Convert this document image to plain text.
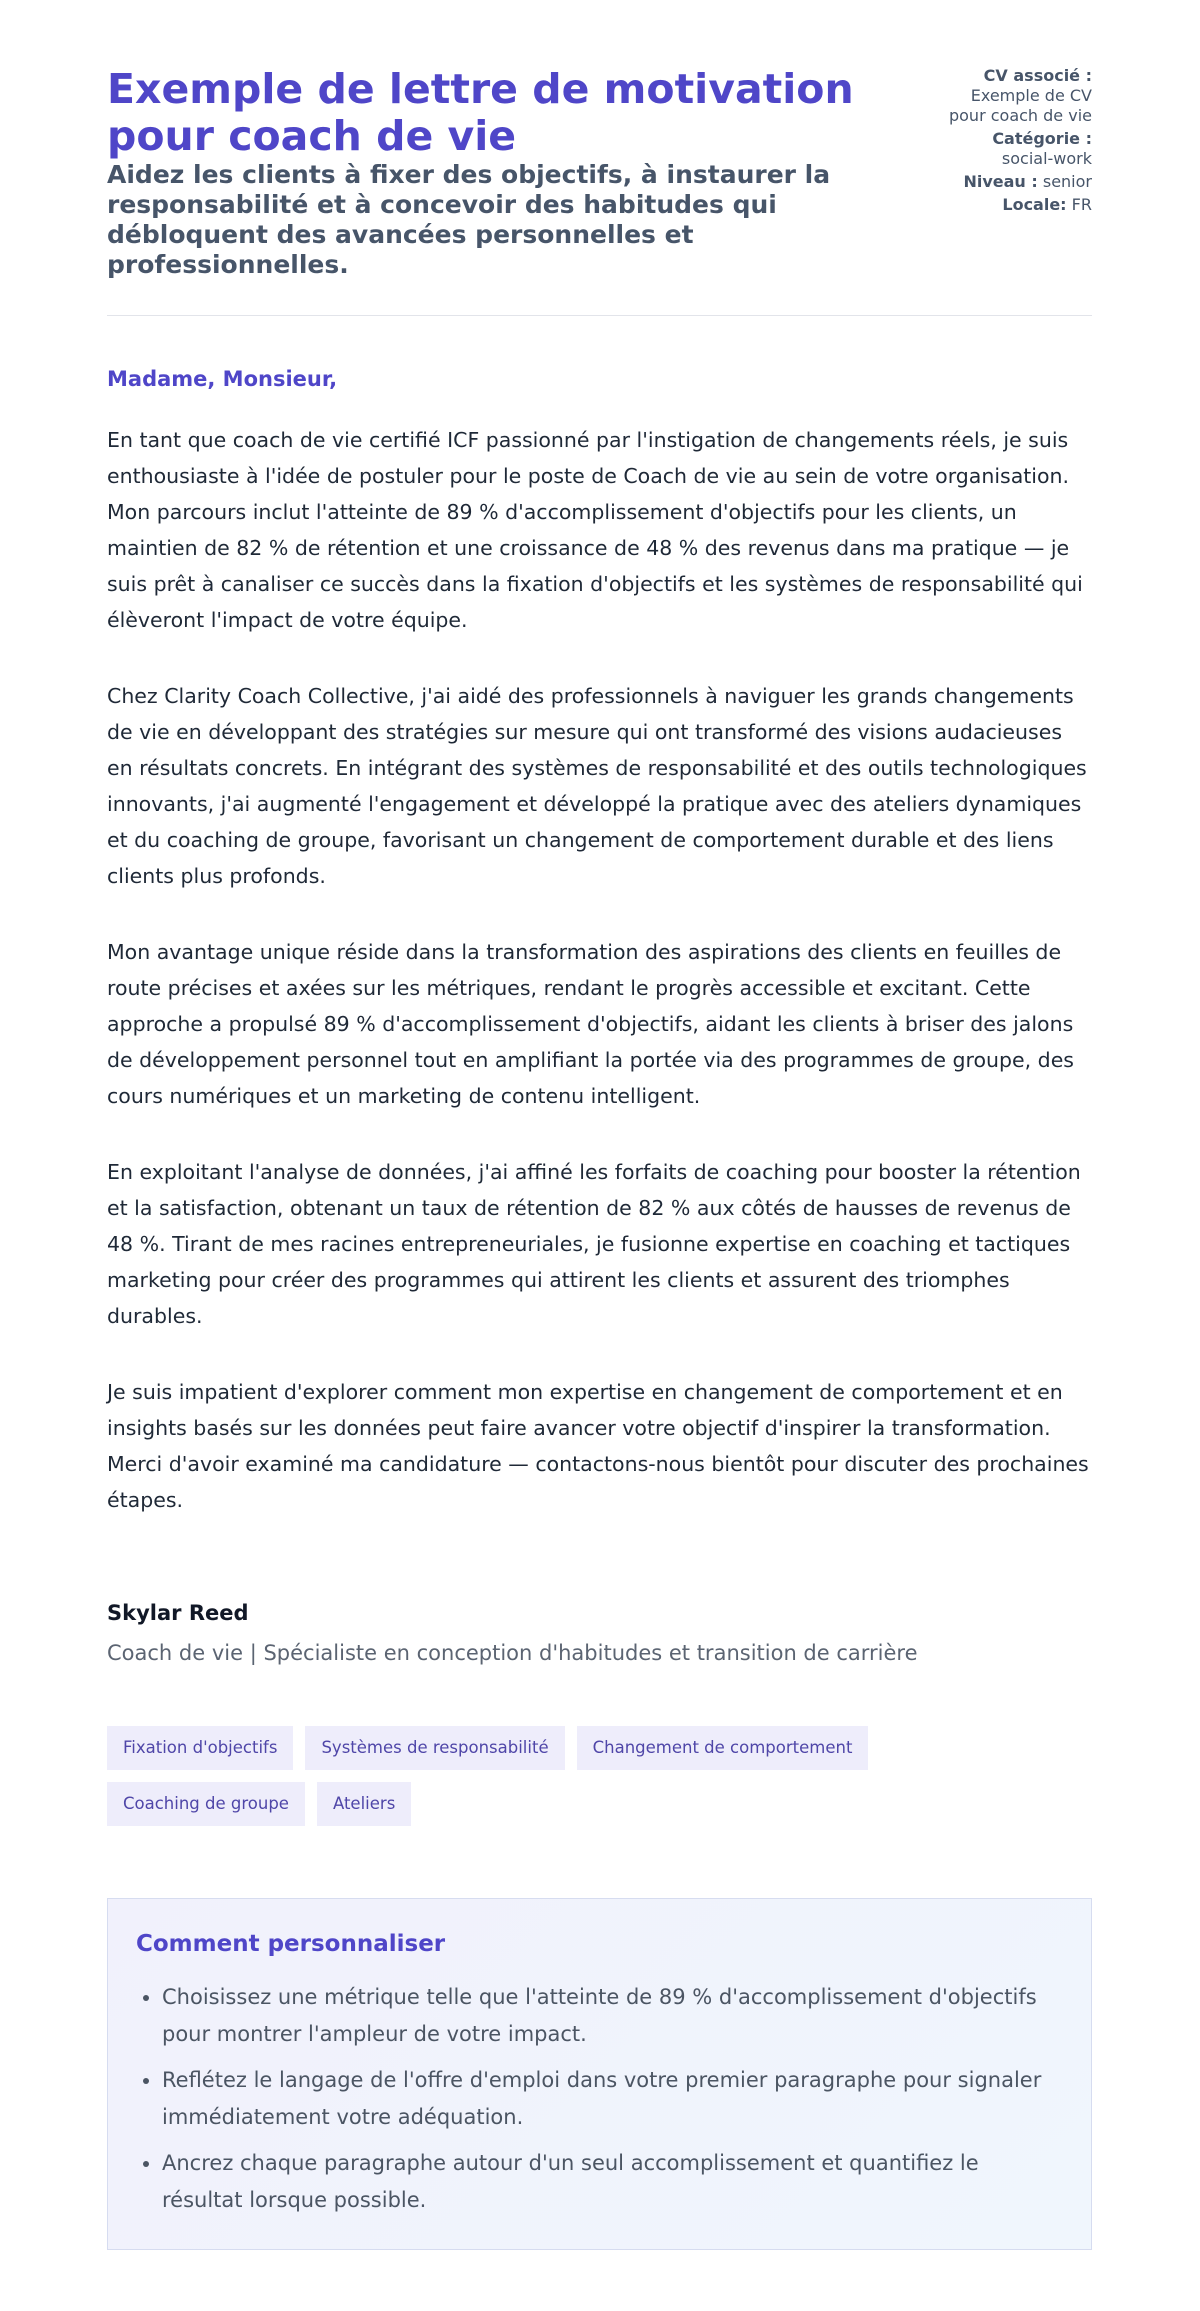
Exemple de lettre de motivation pour coach de vie
Aidez les clients à fixer des objectifs, à instaurer la responsabilité et à concevoir des habitudes qui débloquent des avancées personnelles et professionnelles.
CV associé :
Exemple de CV pour coach de vie
Catégorie :
social-work
Niveau : senior
Locale: FR

Madame, Monsieur,

En tant que coach de vie certifié ICF passionné par l'instigation de changements réels, je suis enthousiaste à l'idée de postuler pour le poste de Coach de vie au sein de votre organisation. Mon parcours inclut l'atteinte de 89 % d'accomplissement d'objectifs pour les clients, un maintien de 82 % de rétention et une croissance de 48 % des revenus dans ma pratique — je suis prêt à canaliser ce succès dans la fixation d'objectifs et les systèmes de responsabilité qui élèveront l'impact de votre équipe.

Chez Clarity Coach Collective, j'ai aidé des professionnels à naviguer les grands changements de vie en développant des stratégies sur mesure qui ont transformé des visions audacieuses en résultats concrets. En intégrant des systèmes de responsabilité et des outils technologiques innovants, j'ai augmenté l'engagement et développé la pratique avec des ateliers dynamiques et du coaching de groupe, favorisant un changement de comportement durable et des liens clients plus profonds.

Mon avantage unique réside dans la transformation des aspirations des clients en feuilles de route précises et axées sur les métriques, rendant le progrès accessible et excitant. Cette approche a propulsé 89 % d'accomplissement d'objectifs, aidant les clients à briser des jalons de développement personnel tout en amplifiant la portée via des programmes de groupe, des cours numériques et un marketing de contenu intelligent.

En exploitant l'analyse de données, j'ai affiné les forfaits de coaching pour booster la rétention et la satisfaction, obtenant un taux de rétention de 82 % aux côtés de hausses de revenus de 48 %. Tirant de mes racines entrepreneuriales, je fusionne expertise en coaching et tactiques marketing pour créer des programmes qui attirent les clients et assurent des triomphes durables.

Je suis impatient d'explorer comment mon expertise en changement de comportement et en insights basés sur les données peut faire avancer votre objectif d'inspirer la transformation. Merci d'avoir examiné ma candidature — contactons-nous bientôt pour discuter des prochaines étapes.

Skylar Reed
Coach de vie | Spécialiste en conception d'habitudes et transition de carrière
Fixation d'objectifs	Systèmes de responsabilité	Changement de comportement
Coaching de groupe	Ateliers
Comment personnaliser
• Choisissez une métrique telle que l'atteinte de 89 % d'accomplissement d'objectifs pour montrer l'ampleur de votre impact.
• Reflétez le langage de l'offre d'emploi dans votre premier paragraphe pour signaler immédiatement votre adéquation.
• Ancrez chaque paragraphe autour d'un seul accomplissement et quantifiez le résultat lorsque possible.
